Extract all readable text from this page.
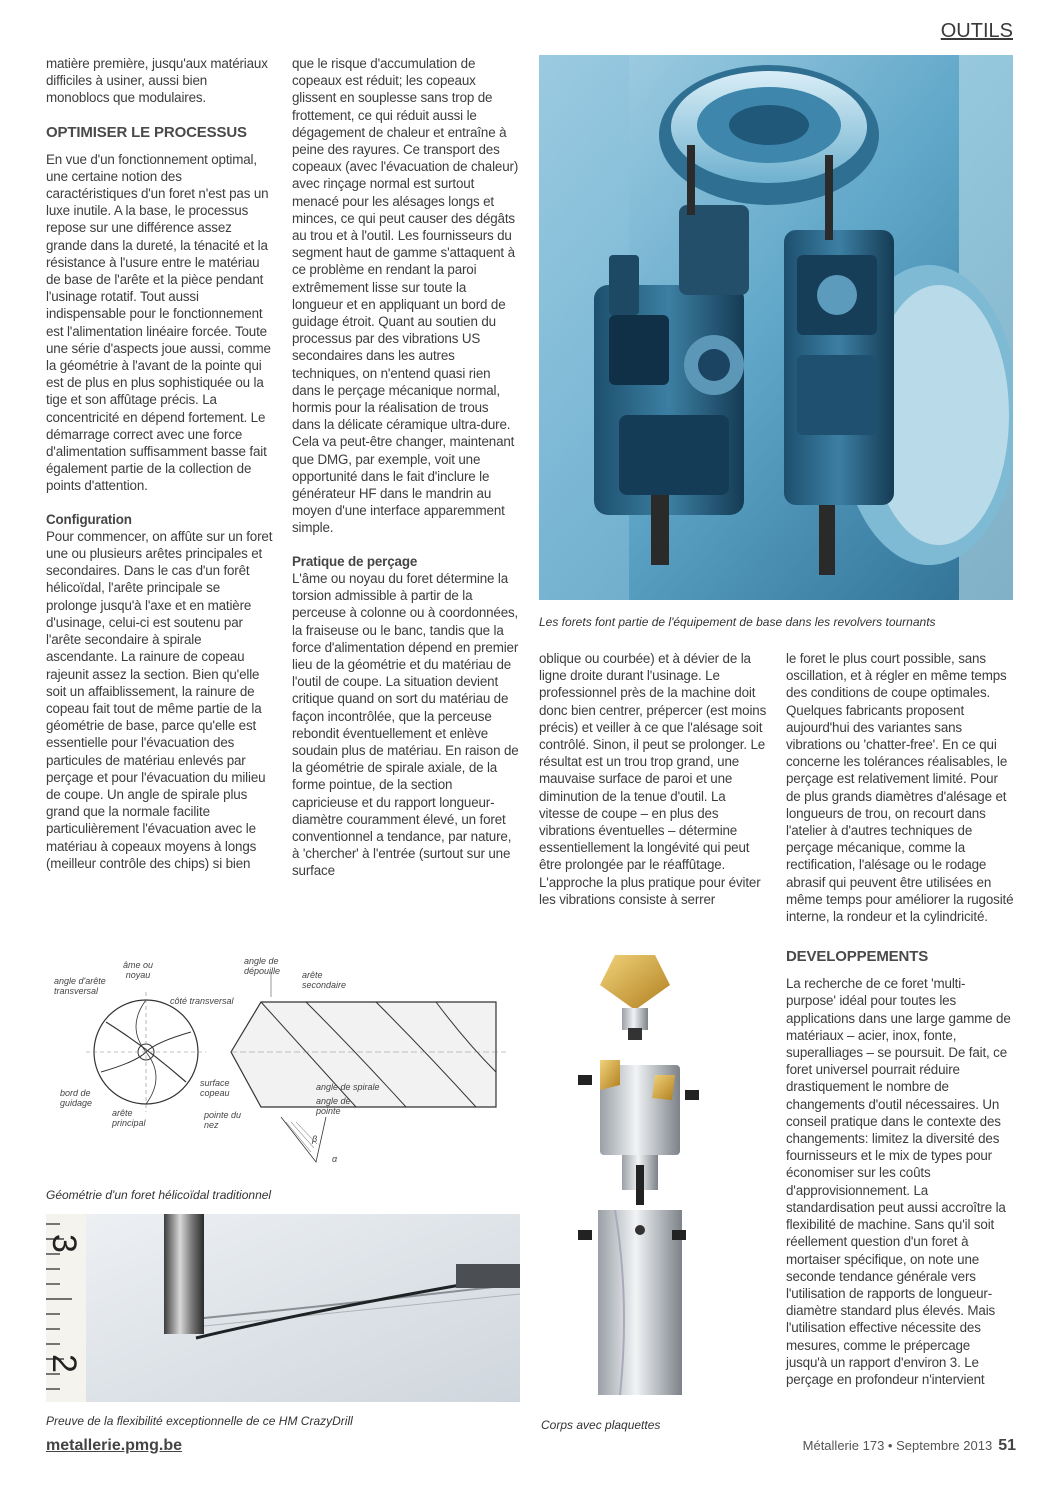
OUTILS

matière première, jusqu'aux matériaux difficiles à usiner, aussi bien monoblocs que modulaires.

OPTIMISER LE PROCESSUS

En vue d'un fonctionnement optimal, une certaine notion des caractéristiques d'un foret n'est pas un luxe inutile. A la base, le processus repose sur une différence assez grande dans la dureté, la ténacité et la résistance à l'usure entre le matériau de base de l'arête et la pièce pendant l'usinage rotatif. Tout aussi indispensable pour le fonctionnement est l'alimentation linéaire forcée. Toute une série d'aspects joue aussi, comme la géométrie à l'avant de la pointe qui est de plus en plus sophistiquée ou la tige et son affûtage précis. La concentricité en dépend fortement. Le démarrage correct avec une force d'alimentation suffisamment basse fait également partie de la collection de points d'attention.

Configuration

Pour commencer, on affûte sur un foret une ou plusieurs arêtes principales et secondaires. Dans le cas d'un forêt hélicoïdal, l'arête principale se prolonge jusqu'à l'axe et en matière d'usinage, celui-ci est soutenu par l'arête secondaire à spirale ascendante. La rainure de copeau rajeunit assez la section. Bien qu'elle soit un affaiblissement, la rainure de copeau fait tout de même partie de la géométrie de base, parce qu'elle est essentielle pour l'évacuation des particules de matériau enlevés par perçage et pour l'évacuation du milieu de coupe. Un angle de spirale plus grand que la normale facilite particulièrement l'évacuation avec le matériau à copeaux moyens à longs (meilleur contrôle des chips) si bien

que le risque d'accumulation de copeaux est réduit; les copeaux glissent en souplesse sans trop de frottement, ce qui réduit aussi le dégagement de chaleur et entraîne à peine des rayures. Ce transport des copeaux (avec l'évacuation de chaleur) avec rinçage normal est surtout menacé pour les alésages longs et minces, ce qui peut causer des dégâts au trou et à l'outil. Les fournisseurs du segment haut de gamme s'attaquent à ce problème en rendant la paroi extrêmement lisse sur toute la longueur et en appliquant un bord de guidage étroit. Quant au soutien du processus par des vibrations US secondaires dans les autres techniques, on n'entend quasi rien dans le perçage mécanique normal, hormis pour la réalisation de trous dans la délicate céramique ultra-dure. Cela va peut-être changer, maintenant que DMG, par exemple, voit une opportunité dans le fait d'inclure le générateur HF dans le mandrin au moyen d'une interface apparemment simple.

Pratique de perçage

L'âme ou noyau du foret détermine la torsion admissible à partir de la perceuse à colonne ou à coordonnées, la fraiseuse ou le banc, tandis que la force d'alimentation dépend en premier lieu de la géométrie et du matériau de l'outil de coupe. La situation devient critique quand on sort du matériau de façon incontrôlée, que la perceuse rebondit éventuellement et enlève soudain plus de matériau. En raison de la géométrie de spirale axiale, de la forme pointue, de la section capricieuse et du rapport longueur-diamètre couramment élevé, un foret conventionnel a tendance, par nature, à 'chercher' à l'entrée (surtout sur une surface

Les forets font partie de l'équipement de base dans les revolvers tournants

oblique ou courbée) et à dévier de la ligne droite durant l'usinage. Le professionnel près de la machine doit donc bien centrer, prépercer (est moins précis) et veiller à ce que l'alésage soit contrôlé. Sinon, il peut se prolonger. Le résultat est un trou trop grand, une mauvaise surface de paroi et une diminution de la tenue d'outil. La vitesse de coupe – en plus des vibrations éventuelles – détermine essentiellement la longévité qui peut être prolongée par le réaffûtage. L'approche la plus pratique pour éviter les vibrations consiste à serrer

le foret le plus court possible, sans oscillation, et à régler en même temps des conditions de coupe optimales. Quelques fabricants proposent aujourd'hui des variantes sans vibrations ou 'chatter-free'. En ce qui concerne les tolérances réalisables, le perçage est relativement limité. Pour de plus grands diamètres d'alésage et longueurs de trou, on recourt dans l'atelier à d'autres techniques de perçage mécanique, comme la rectification, l'alésage ou le rodage abrasif qui peuvent être utilisées en même temps pour améliorer la rugosité interne, la rondeur et la cylindricité.

DEVELOPPEMENTS

La recherche de ce foret 'multi-purpose' idéal pour toutes les applications dans une large gamme de matériaux – acier, inox, fonte, superalliages – se poursuit. De fait, ce foret universel pourrait réduire drastiquement le nombre de changements d'outil nécessaires. Un conseil pratique dans le contexte des changements: limitez la diversité des fournisseurs et le mix de types pour économiser sur les coûts d'approvisionnement. La standardisation peut aussi accroître la flexibilité de machine. Sans qu'il soit réellement question d'un foret à mortaiser spécifique, on note une seconde tendance générale vers l'utilisation de rapports de longueur-diamètre standard plus élevés. Mais l'utilisation effective nécessite des mesures, comme le prépercage jusqu'à un rapport d'environ 3. Le perçage en profondeur n'intervient

âme ou noyau
angle d'arête transversal
côté transversal
bord de guidage
arête principal
angle de dépouille	arête secondaire
surface copeau
pointe du nez
angle de spirale
angle de pointe
β
α
Géométrie d'un foret hélicoïdal traditionnel
3
2
Preuve de la flexibilité exceptionnelle de ce HM CrazyDrill	Corps avec plaquettes
metallerie.pmg.be	Métallerie 173 • Septembre 2013 51
